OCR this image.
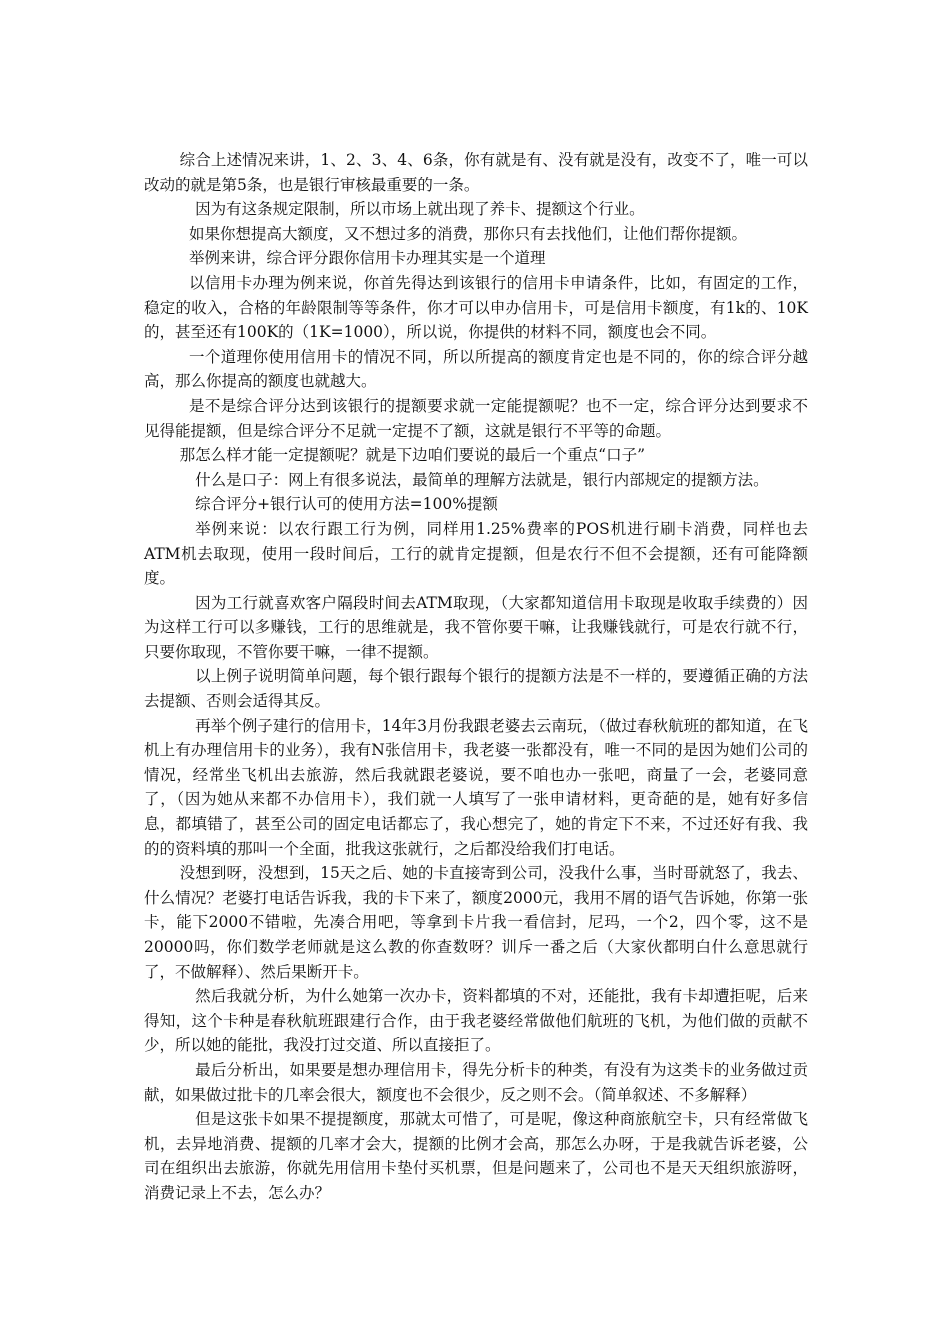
综合上述情况来讲，1、2、3、4、6条，你有就是有、没有就是没有，改变不了，唯一可以改动的就是第5条，也是银行审核最重要的一条。

因为有这条规定限制，所以市场上就出现了养卡、提额这个行业。

如果你想提高大额度，又不想过多的消费，那你只有去找他们，让他们帮你提额。

举例来讲，综合评分跟你信用卡办理其实是一个道理

以信用卡办理为例来说，你首先得达到该银行的信用卡申请条件，比如，有固定的工作，稳定的收入，合格的年龄限制等等条件，你才可以申办信用卡，可是信用卡额度，有1k的、10K的，甚至还有100K的（1K=1000），所以说，你提供的材料不同，额度也会不同。

一个道理你使用信用卡的情况不同，所以所提高的额度肯定也是不同的，你的综合评分越高，那么你提高的额度也就越大。

是不是综合评分达到该银行的提额要求就一定能提额呢？也不一定，综合评分达到要求不见得能提额，但是综合评分不足就一定提不了额，这就是银行不平等的命题。

那怎么样才能一定提额呢？就是下边咱们要说的最后一个重点“口子”

什么是口子：网上有很多说法，最简单的理解方法就是，银行内部规定的提额方法。

综合评分+银行认可的使用方法=100%提额

举例来说：以农行跟工行为例，同样用1.25%费率的POS机进行刷卡消费，同样也去ATM机去取现，使用一段时间后，工行的就肯定提额，但是农行不但不会提额，还有可能降额度。

因为工行就喜欢客户隔段时间去ATM取现，（大家都知道信用卡取现是收取手续费的）因为这样工行可以多赚钱，工行的思维就是，我不管你要干嘛，让我赚钱就行，可是农行就不行，只要你取现，不管你要干嘛，一律不提额。

以上例子说明简单问题，每个银行跟每个银行的提额方法是不一样的，要遵循正确的方法去提额、否则会适得其反。

再举个例子建行的信用卡，14年3月份我跟老婆去云南玩，（做过春秋航班的都知道，在飞机上有办理信用卡的业务），我有N张信用卡，我老婆一张都没有，唯一不同的是因为她们公司的情况，经常坐飞机出去旅游，然后我就跟老婆说，要不咱也办一张吧，商量了一会，老婆同意了，（因为她从来都不办信用卡），我们就一人填写了一张申请材料，更奇葩的是，她有好多信息，都填错了，甚至公司的固定电话都忘了，我心想完了，她的肯定下不来，不过还好有我、我的的资料填的那叫一个全面，批我这张就行，之后都没给我们打电话。

没想到呀，没想到，15天之后、她的卡直接寄到公司，没我什么事，当时哥就怒了，我去、什么情况？老婆打电话告诉我，我的卡下来了，额度2000元，我用不屑的语气告诉她，你第一张卡，能下2000不错啦，先凑合用吧，等拿到卡片我一看信封，尼玛，一个2，四个零，这不是20000吗，你们数学老师就是这么教的你查数呀？训斥一番之后（大家伙都明白什么意思就行了，不做解释）、然后果断开卡。

然后我就分析，为什么她第一次办卡，资料都填的不对，还能批，我有卡却遭拒呢，后来得知，这个卡种是春秋航班跟建行合作，由于我老婆经常做他们航班的飞机，为他们做的贡献不少，所以她的能批，我没打过交道、所以直接拒了。

最后分析出，如果要是想办理信用卡，得先分析卡的种类，有没有为这类卡的业务做过贡献，如果做过批卡的几率会很大，额度也不会很少，反之则不会。（简单叙述、不多解释）

但是这张卡如果不提提额度，那就太可惜了，可是呢，像这种商旅航空卡，只有经常做飞机，去异地消费、提额的几率才会大，提额的比例才会高，那怎么办呀，于是我就告诉老婆，公司在组织出去旅游，你就先用信用卡垫付买机票，但是问题来了，公司也不是天天组织旅游呀，消费记录上不去，怎么办？
